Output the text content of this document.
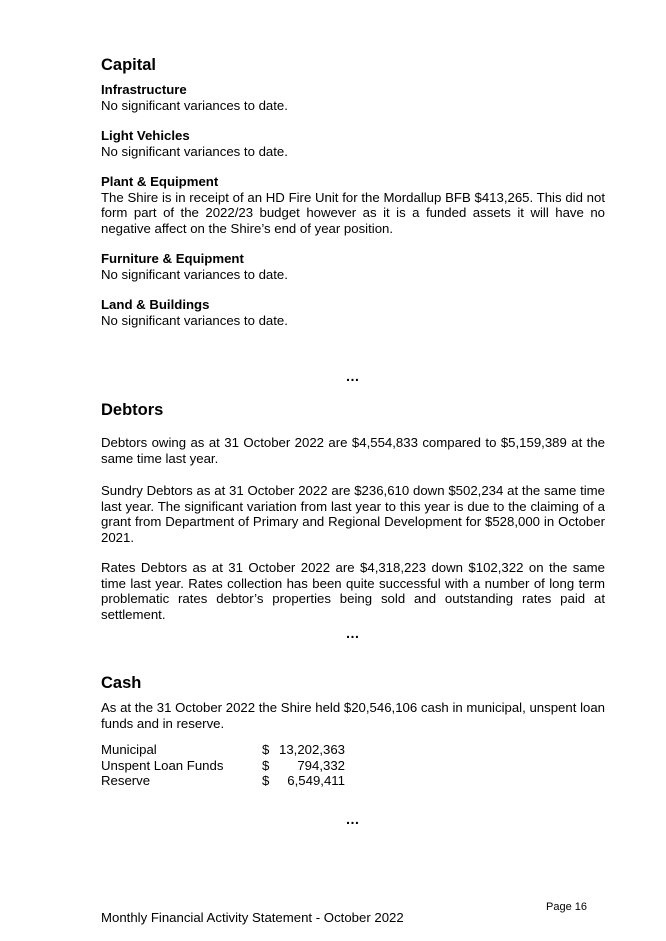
Capital

Infrastructure

No significant variances to date.

Light Vehicles

No significant variances to date.

Plant & Equipment

The Shire is in receipt of an HD Fire Unit for the Mordallup BFB $413,265. This did not form part of the 2022/23 budget however as it is a funded assets it will have no negative affect on the Shire’s end of year position.

Furniture & Equipment

No significant variances to date.

Land & Buildings

No significant variances to date.

…
Debtors

Debtors owing as at 31 October 2022 are $4,554,833 compared to $5,159,389 at the same time last year.

Sundry Debtors as at 31 October 2022 are $236,610 down $502,234 at the same time last year. The significant variation from last year to this year is due to the claiming of a grant from Department of Primary and Regional Development for $528,000 in October 2021.

Rates Debtors as at 31 October 2022 are $4,318,223 down $102,322 on the same time last year. Rates collection has been quite successful with a number of long term problematic rates debtor’s properties being sold and outstanding rates paid at settlement.

…
Cash

As at the 31 October 2022 the Shire held $20,546,106 cash in municipal, unspent loan funds and in reserve.

Municipal	$ 13,202,363
Unspent Loan Funds	$ 794,332
Reserve	$ 6,549,411
…
Page 16
Monthly Financial Activity Statement - October 2022
